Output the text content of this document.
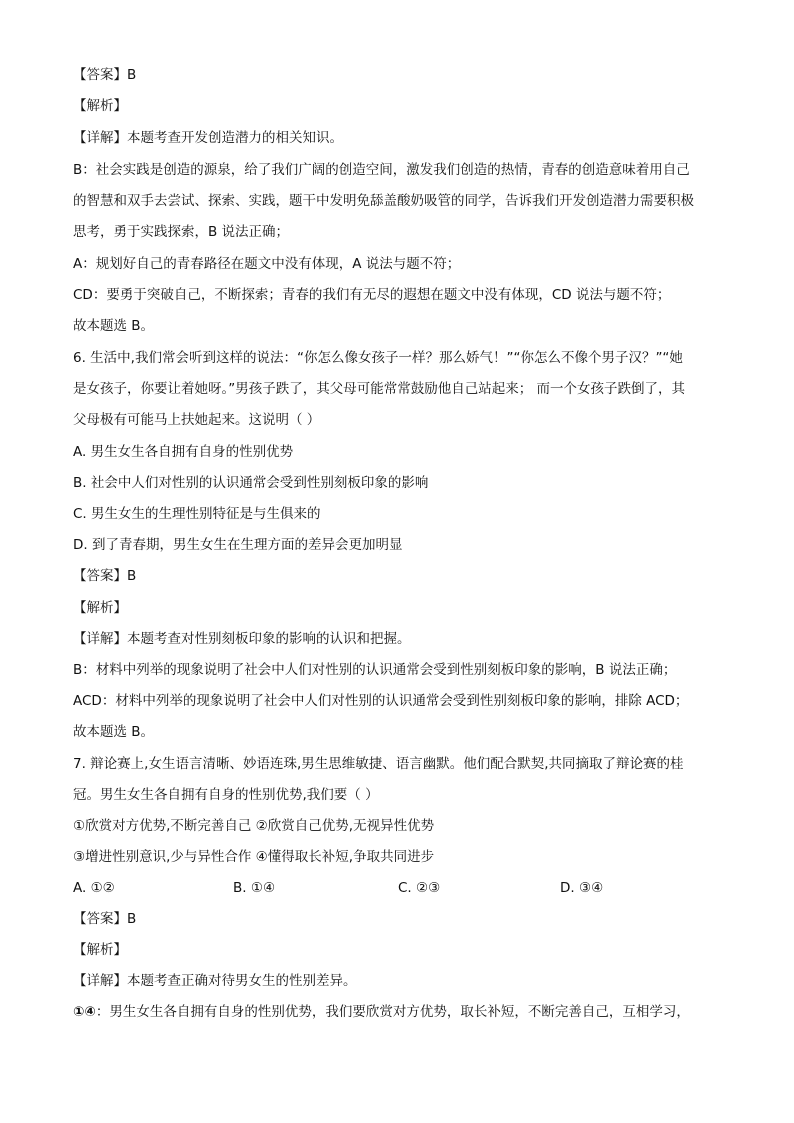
【答案】B
【解析】
【详解】本题考查开发创造潜力的相关知识。
B：社会实践是创造的源泉，给了我们广阔的创造空间，激发我们创造的热情，青春的创造意味着用自己
的智慧和双手去尝试、探索、实践，题干中发明免舔盖酸奶吸管的同学，告诉我们开发创造潜力需要积极
思考，勇于实践探索，B 说法正确；
A：规划好自己的青春路径在题文中没有体现，A 说法与题不符；
CD：要勇于突破自己，不断探索；青春的我们有无尽的遐想在题文中没有体现，CD 说法与题不符；
故本题选 B。
6. 生活中,我们常会听到这样的说法：“你怎么像女孩子一样？那么娇气！”“你怎么不像个男子汉？”“她
是女孩子，你要让着她呀。”男孩子跌了，其父母可能常常鼓励他自己站起来； 而一个女孩子跌倒了，其
父母极有可能马上扶她起来。这说明（ ）
A. 男生女生各自拥有自身的性别优势
B. 社会中人们对性别的认识通常会受到性别刻板印象的影响
C. 男生女生的生理性别特征是与生俱来的
D. 到了青春期，男生女生在生理方面的差异会更加明显
【答案】B
【解析】
【详解】本题考查对性别刻板印象的影响的认识和把握。
B：材料中列举的现象说明了社会中人们对性别的认识通常会受到性别刻板印象的影响，B 说法正确；
ACD：材料中列举的现象说明了社会中人们对性别的认识通常会受到性别刻板印象的影响，排除 ACD；
故本题选 B。
7. 辩论赛上,女生语言清晰、妙语连珠,男生思维敏捷、语言幽默。他们配合默契,共同摘取了辩论赛的桂
冠。男生女生各自拥有自身的性别优势,我们要（ ）
①欣赏对方优势,不断完善自己 ②欣赏自己优势,无视异性优势
③增进性别意识,少与异性合作 ④懂得取长补短,争取共同进步
A. ①②	B. ①④	C. ②③	D. ③④
【答案】B
【解析】
【详解】本题考查正确对待男女生的性别差异。
①④：男生女生各自拥有自身的性别优势，我们要欣赏对方优势，取长补短，不断完善自己，互相学习，
